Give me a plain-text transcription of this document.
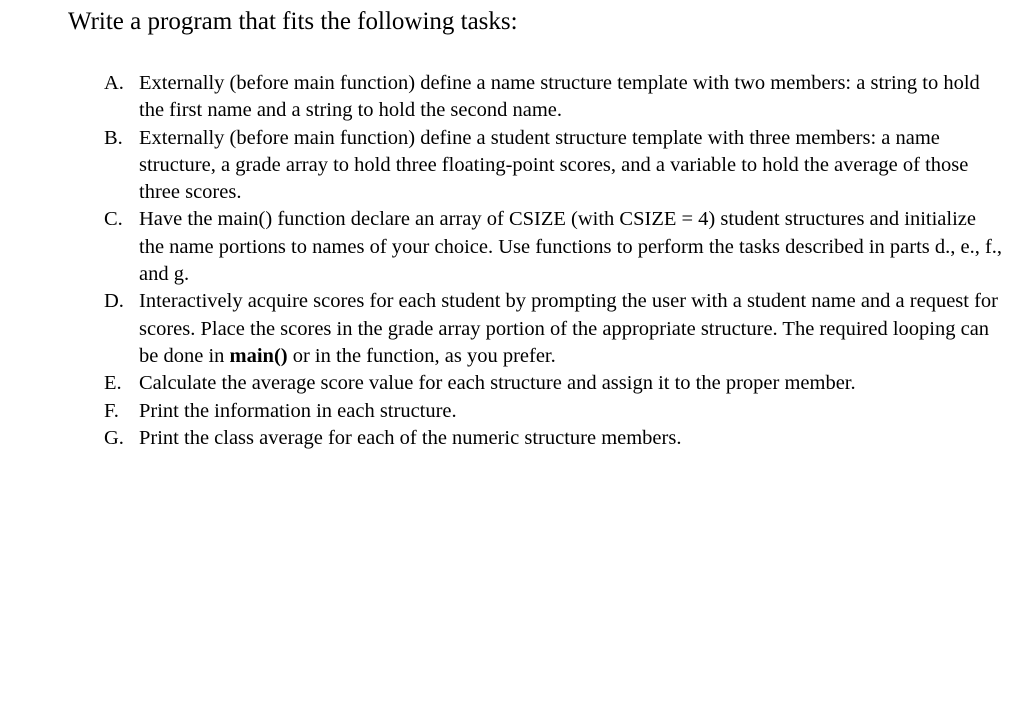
Write a program that fits the following tasks:
A. Externally (before main function) define a name structure template with two members: a string to hold the first name and a string to hold the second name.
B. Externally (before main function) define a student structure template with three members: a name structure, a grade array to hold three floating-point scores, and a variable to hold the average of those three scores.
C. Have the main() function declare an array of CSIZE (with CSIZE = 4) student structures and initialize the name portions to names of your choice. Use functions to perform the tasks described in parts d., e., f., and g.
D. Interactively acquire scores for each student by prompting the user with a student name and a request for scores. Place the scores in the grade array portion of the appropriate structure. The required looping can be done in main() or in the function, as you prefer.
E. Calculate the average score value for each structure and assign it to the proper member.
F. Print the information in each structure.
G. Print the class average for each of the numeric structure members.
